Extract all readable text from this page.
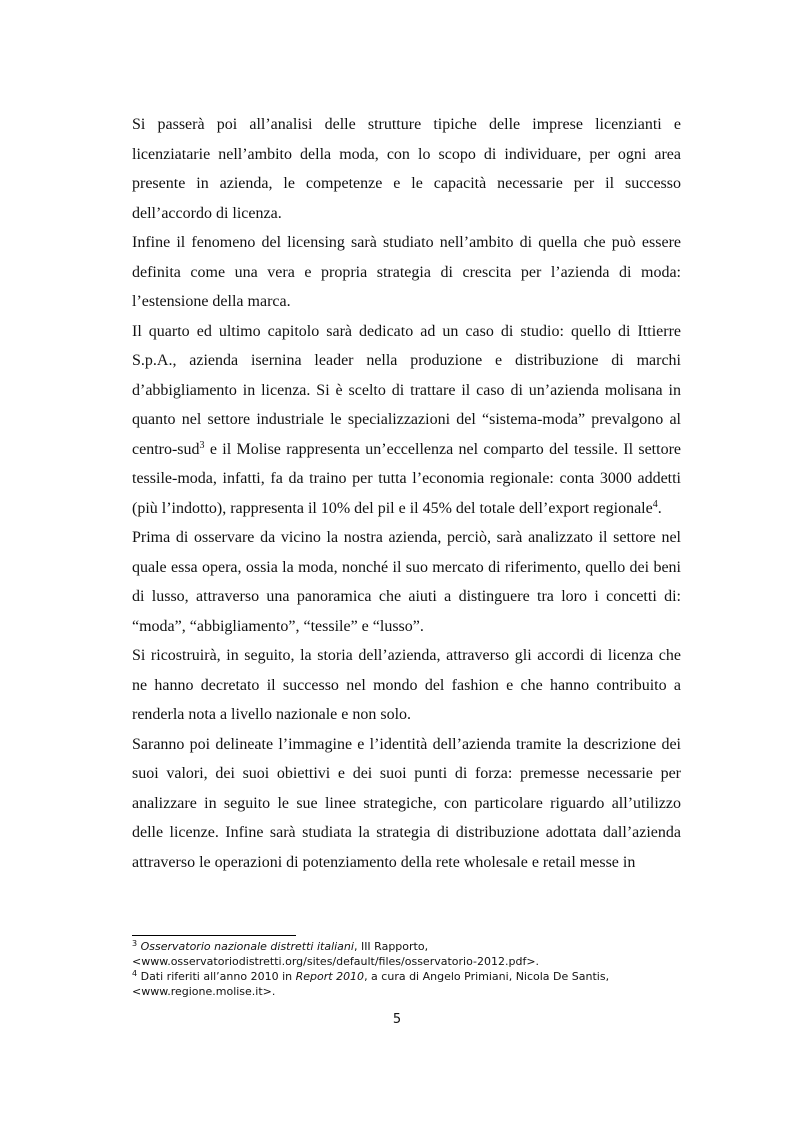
Si passerà poi all’analisi delle strutture tipiche delle imprese licenzianti e licenziatarie nell’ambito della moda, con lo scopo di individuare, per ogni area presente in azienda, le competenze e le capacità necessarie per il successo dell’accordo di licenza.

Infine il fenomeno del licensing sarà studiato nell’ambito di quella che può essere definita come una vera e propria strategia di crescita per l’azienda di moda: l’estensione della marca.

Il quarto ed ultimo capitolo sarà dedicato ad un caso di studio: quello di Ittierre S.p.A., azienda isernina leader nella produzione e distribuzione di marchi d’abbigliamento in licenza. Si è scelto di trattare il caso di un’azienda molisana in quanto nel settore industriale le specializzazioni del “sistema-moda” prevalgono al centro-sud$^3$ e il Molise rappresenta un’eccellenza nel comparto del tessile. Il settore tessile-moda, infatti, fa da traino per tutta l’economia regionale: conta 3000 addetti (più l’indotto), rappresenta il 10% del pil e il 45% del totale dell’export regionale$^4$.

Prima di osservare da vicino la nostra azienda, perciò, sarà analizzato il settore nel quale essa opera, ossia la moda, nonché il suo mercato di riferimento, quello dei beni di lusso, attraverso una panoramica che aiuti a distinguere tra loro i concetti di: “moda”, “abbigliamento”, “tessile” e “lusso”.

Si ricostruirà, in seguito, la storia dell’azienda, attraverso gli accordi di licenza che ne hanno decretato il successo nel mondo del fashion e che hanno contribuito a renderla nota a livello nazionale e non solo.

Saranno poi delineate l’immagine e l’identità dell’azienda tramite la descrizione dei suoi valori, dei suoi obiettivi e dei suoi punti di forza: premesse necessarie per analizzare in seguito le sue linee strategiche, con particolare riguardo all’utilizzo delle licenze. Infine sarà studiata la strategia di distribuzione adottata dall’azienda attraverso le operazioni di potenziamento della rete wholesale e retail messe in

$^3$ Osservatorio nazionale distretti italiani, III Rapporto,

<www.osservatoriodistretti.org/sites/default/files/osservatorio-2012.pdf>.

$^4$ Dati riferiti all’anno 2010 in Report 2010, a cura di Angelo Primiani, Nicola De Santis,

<www.regione.molise.it>.

5
